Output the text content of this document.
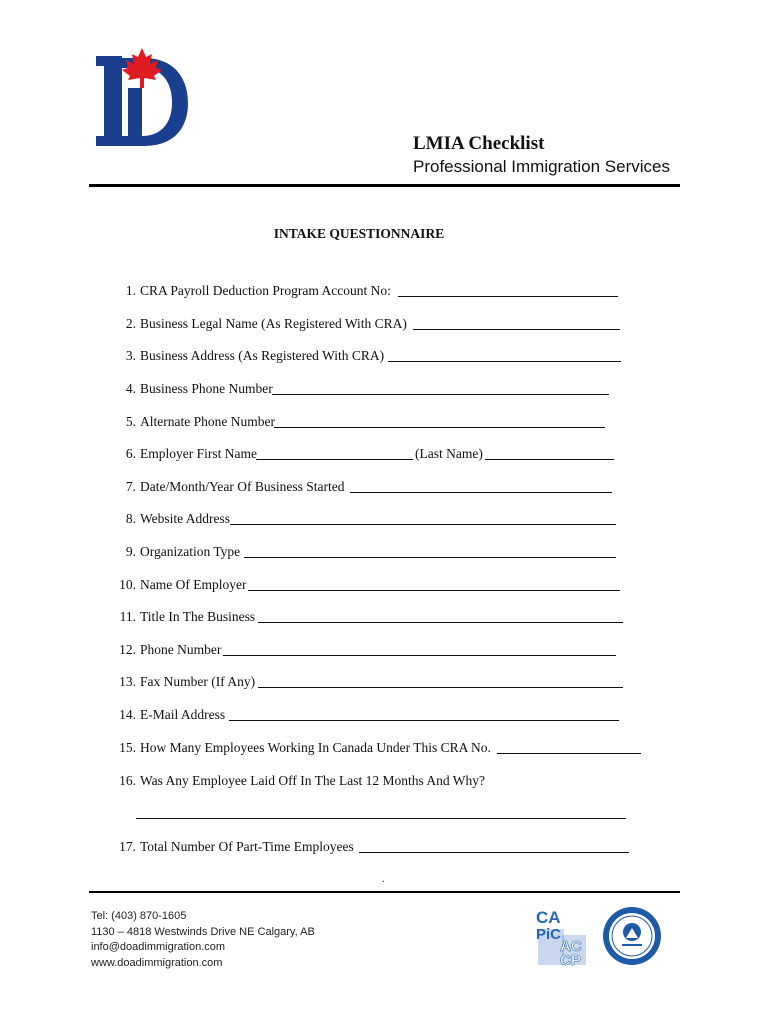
LMIA Checklist
Professional Immigration Services
INTAKE QUESTIONNAIRE
1. CRA Payroll Deduction Program Account No:
2. Business Legal Name (As Registered With CRA)
3. Business Address (As Registered With CRA)
4. Business Phone Number
5. Alternate Phone Number
6. Employer First Name	(Last Name)
7. Date/Month/Year Of Business Started
8. Website Address
9. Organization Type
10. Name Of Employer
11. Title In The Business
12. Phone Number
13. Fax Number (If Any)
14. E-Mail Address
15. How Many Employees Working In Canada Under This CRA No.
16. Was Any Employee Laid Off In The Last 12 Months And Why?
17. Total Number Of Part-Time Employees
.
Tel: (403) 870-1605
1130 – 4818 Westwinds Drive NE Calgary, AB
info@doadimmigration.com
www.doadimmigration.com
CA
PiC
AC
CP
